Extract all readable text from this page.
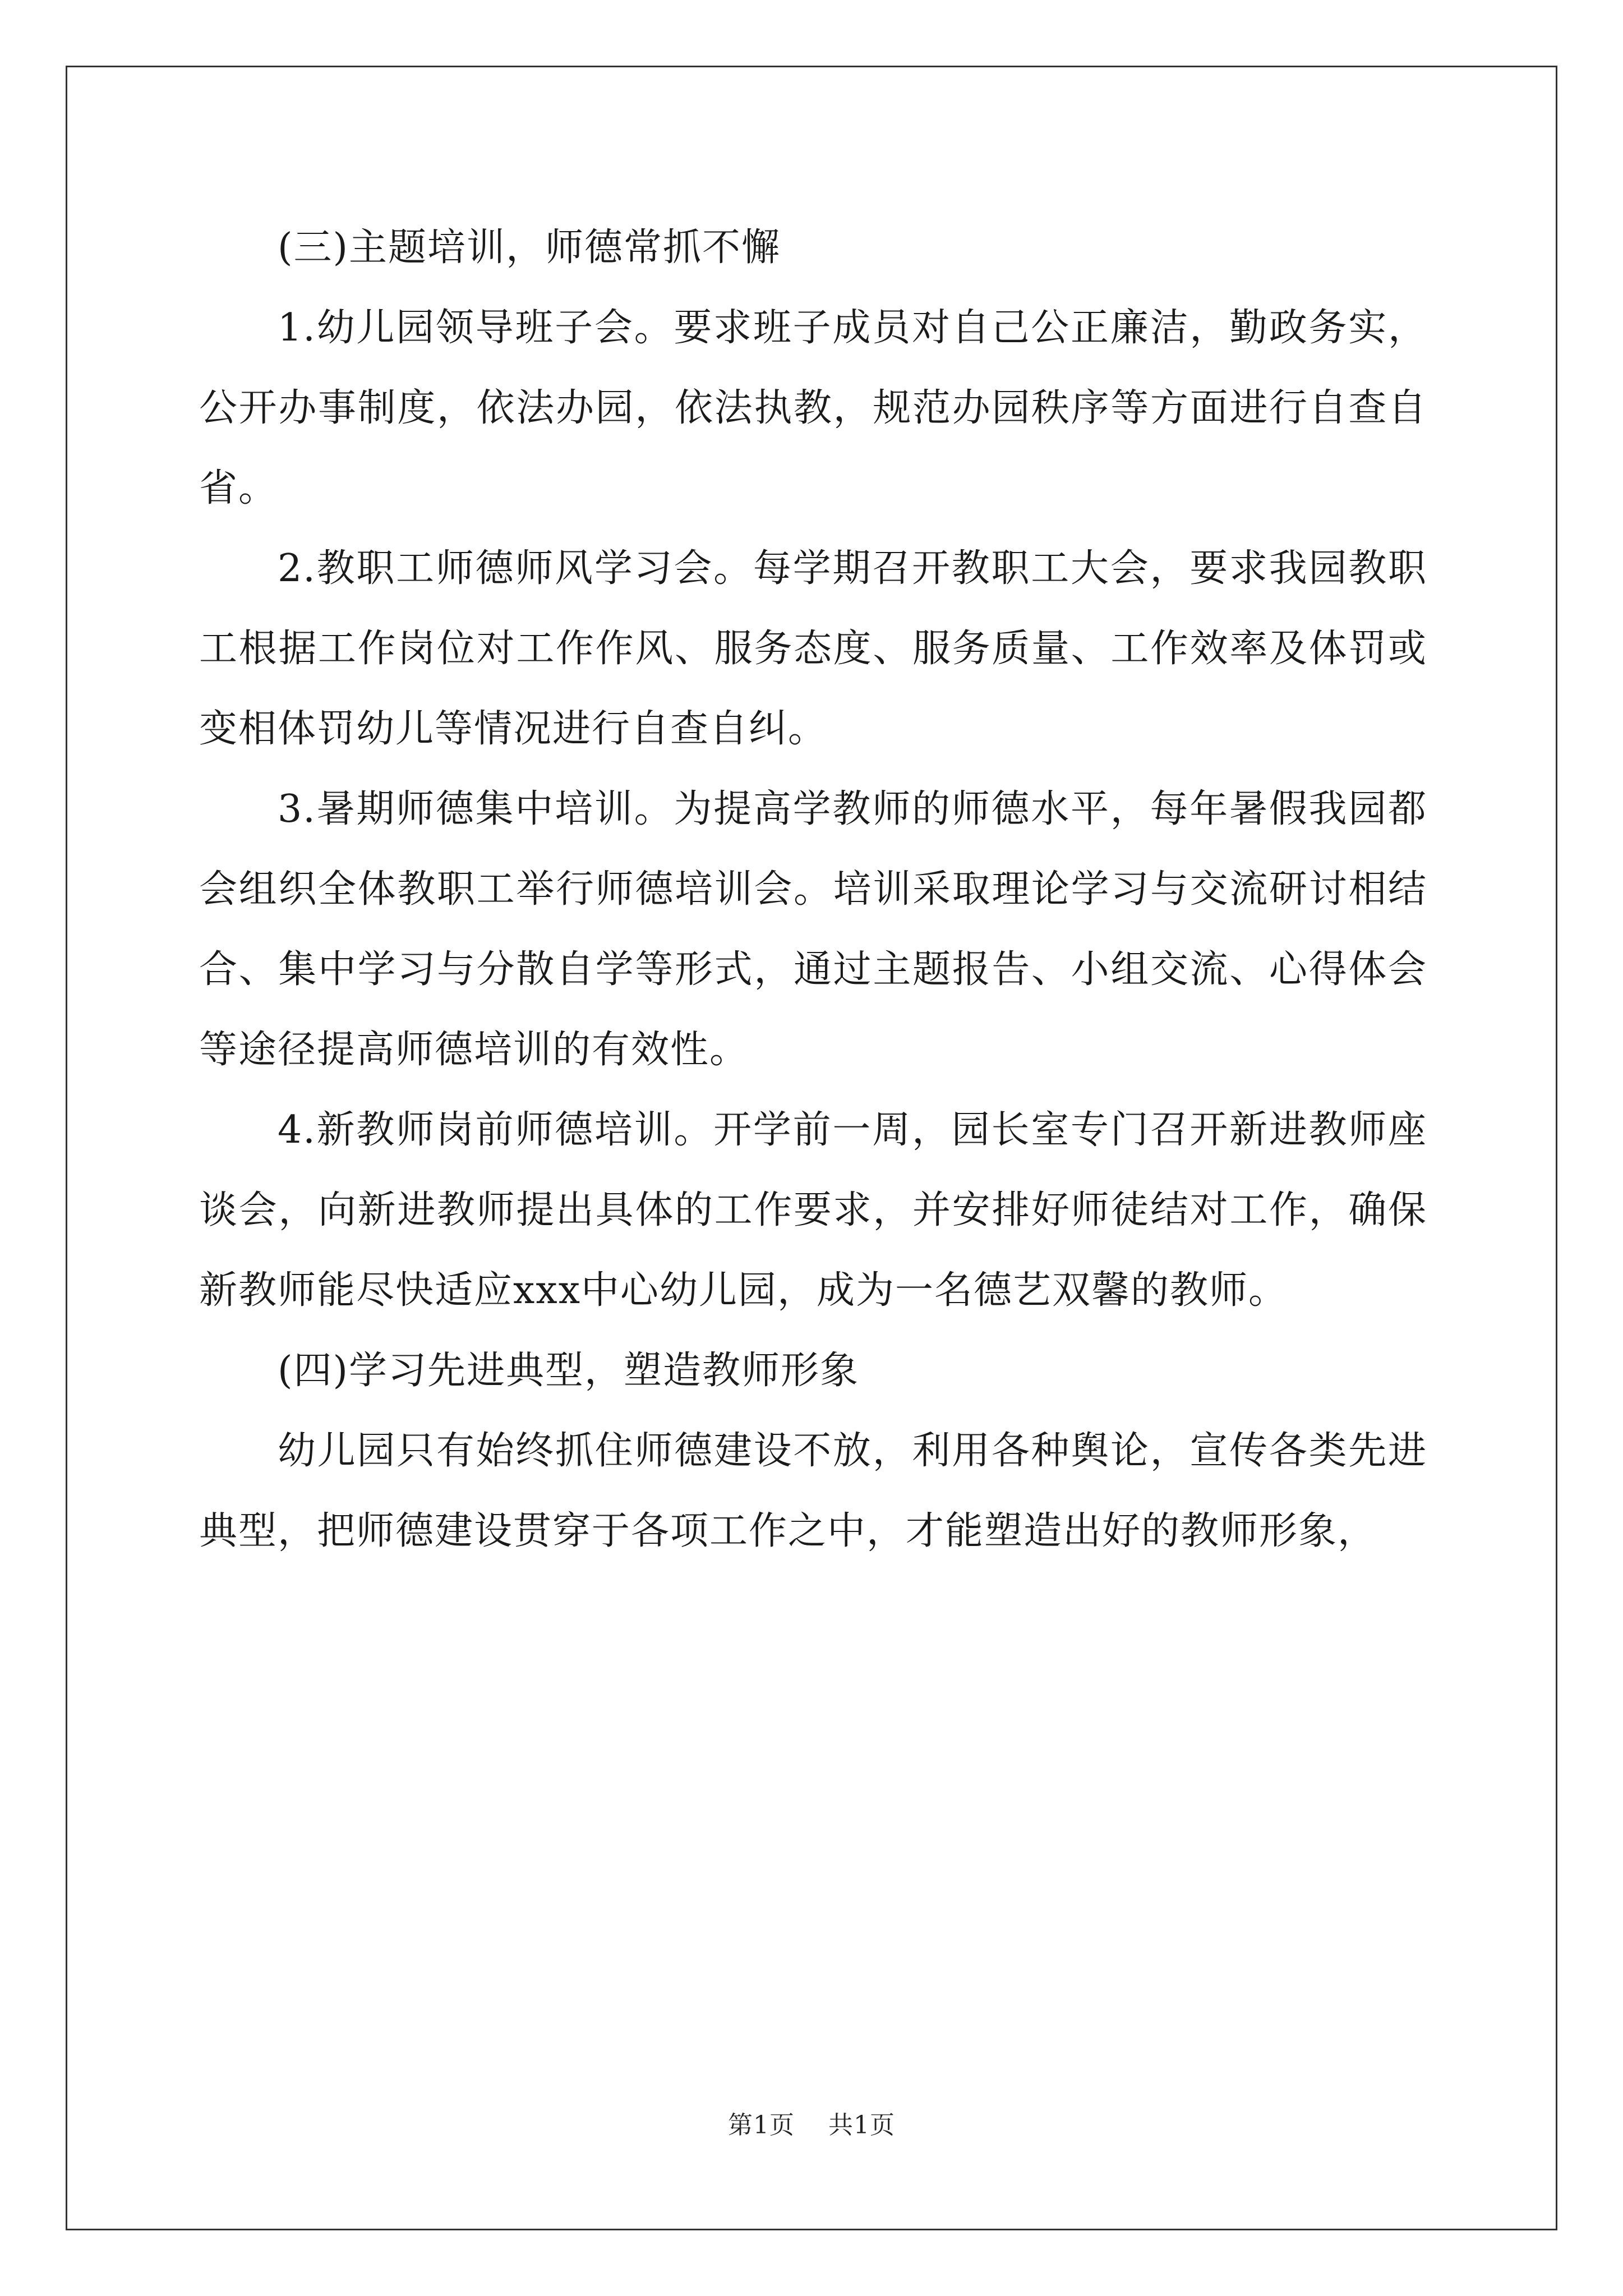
(三)主题培训，师德常抓不懈

1.幼儿园领导班子会。要求班子成员对自己公正廉洁，勤政务实，公开办事制度，依法办园，依法执教，规范办园秩序等方面进行自查自省。

2.教职工师德师风学习会。每学期召开教职工大会，要求我园教职工根据工作岗位对工作作风、服务态度、服务质量、工作效率及体罚或变相体罚幼儿等情况进行自查自纠。

3.暑期师德集中培训。为提高学教师的师德水平，每年暑假我园都会组织全体教职工举行师德培训会。培训采取理论学习与交流研讨相结合、集中学习与分散自学等形式，通过主题报告、小组交流、心得体会等途径提高师德培训的有效性。

4.新教师岗前师德培训。开学前一周，园长室专门召开新进教师座谈会，向新进教师提出具体的工作要求，并安排好师徒结对工作，确保新教师能尽快适应xxx中心幼儿园，成为一名德艺双馨的教师。

(四)学习先进典型，塑造教师形象

幼儿园只有始终抓住师德建设不放，利用各种舆论，宣传各类先进典型，把师德建设贯穿于各项工作之中，才能塑造出好的教师形象，

第1页 共1页
